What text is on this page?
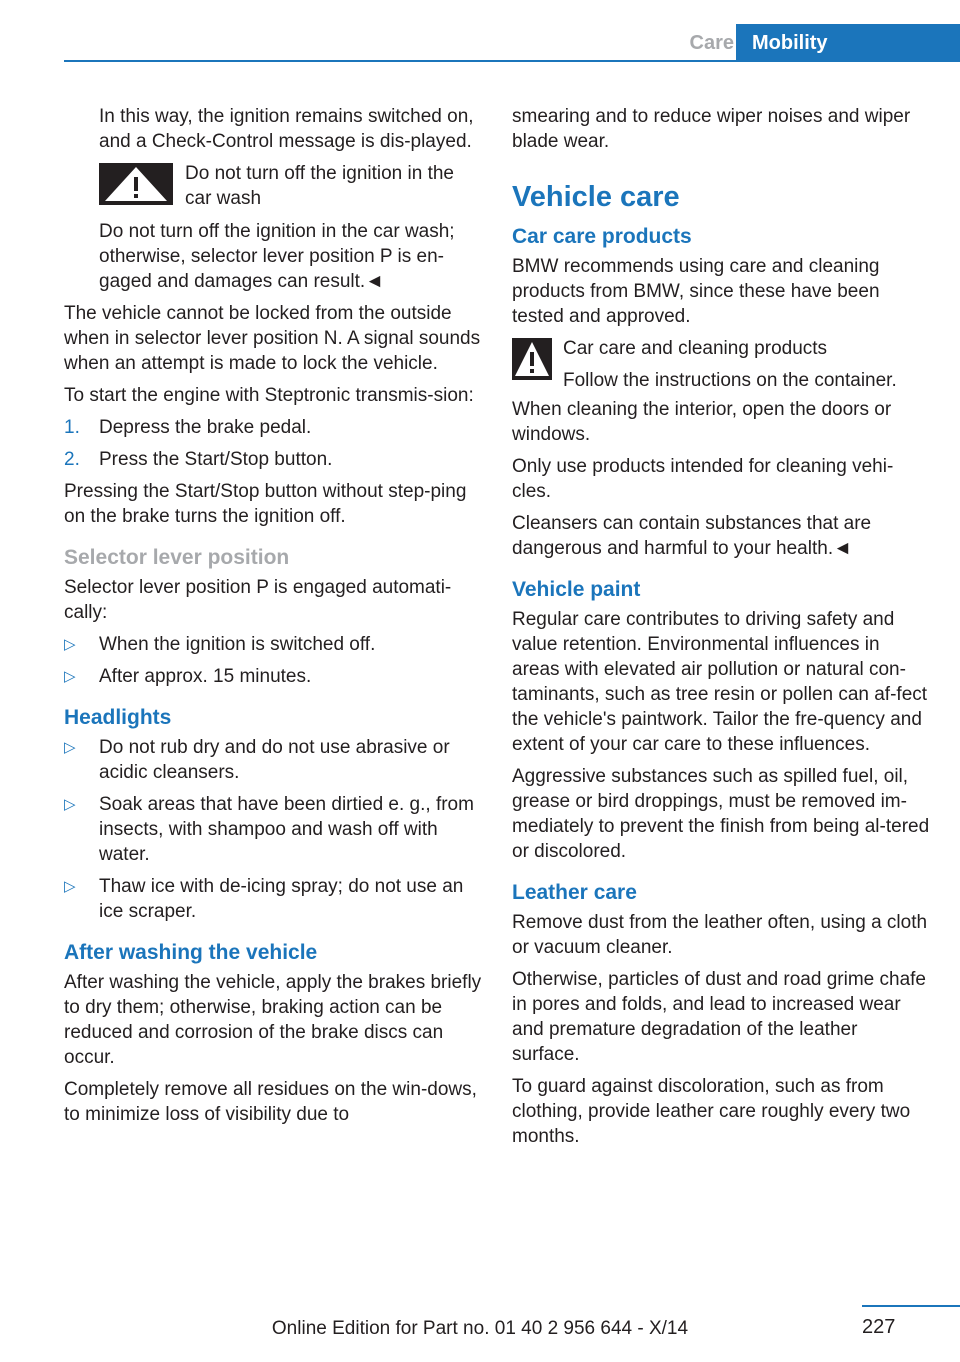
Care Mobility

In this way, the ignition remains switched on, and a Check-Control message is dis-played.

Do not turn off the ignition in the car wash

Do not turn off the ignition in the car wash; otherwise, selector lever position P is en-gaged and damages can result.◄

The vehicle cannot be locked from the outside when in selector lever position N. A signal sounds when an attempt is made to lock the vehicle.

To start the engine with Steptronic transmis-sion:

1. Depress the brake pedal.
2. Press the Start/Stop button.

Pressing the Start/Stop button without step-ping on the brake turns the ignition off.

Selector lever position

Selector lever position P is engaged automati-cally:

▷ When the ignition is switched off.
▷ After approx. 15 minutes.
Headlights
▷ Do not rub dry and do not use abrasive or acidic cleansers.
▷ Soak areas that have been dirtied e. g., from insects, with shampoo and wash off with water.
▷ Thaw ice with de-icing spray; do not use an ice scraper.
After washing the vehicle

After washing the vehicle, apply the brakes briefly to dry them; otherwise, braking action can be reduced and corrosion of the brake discs can occur.

Completely remove all residues on the win-dows, to minimize loss of visibility due to

smearing and to reduce wiper noises and wiper blade wear.

Vehicle care
Car care products

BMW recommends using care and cleaning products from BMW, since these have been tested and approved.

Car care and cleaning products

Follow the instructions on the container.

When cleaning the interior, open the doors or windows.

Only use products intended for cleaning vehi-cles.

Cleansers can contain substances that are dangerous and harmful to your health.◄

Vehicle paint

Regular care contributes to driving safety and value retention. Environmental influences in areas with elevated air pollution or natural con-taminants, such as tree resin or pollen can af-fect the vehicle's paintwork. Tailor the fre-quency and extent of your car care to these influences.

Aggressive substances such as spilled fuel, oil, grease or bird droppings, must be removed im-mediately to prevent the finish from being al-tered or discolored.

Leather care

Remove dust from the leather often, using a cloth or vacuum cleaner.

Otherwise, particles of dust and road grime chafe in pores and folds, and lead to increased wear and premature degradation of the leather surface.

To guard against discoloration, such as from clothing, provide leather care roughly every two months.

227
Online Edition for Part no. 01 40 2 956 644 - X/14
